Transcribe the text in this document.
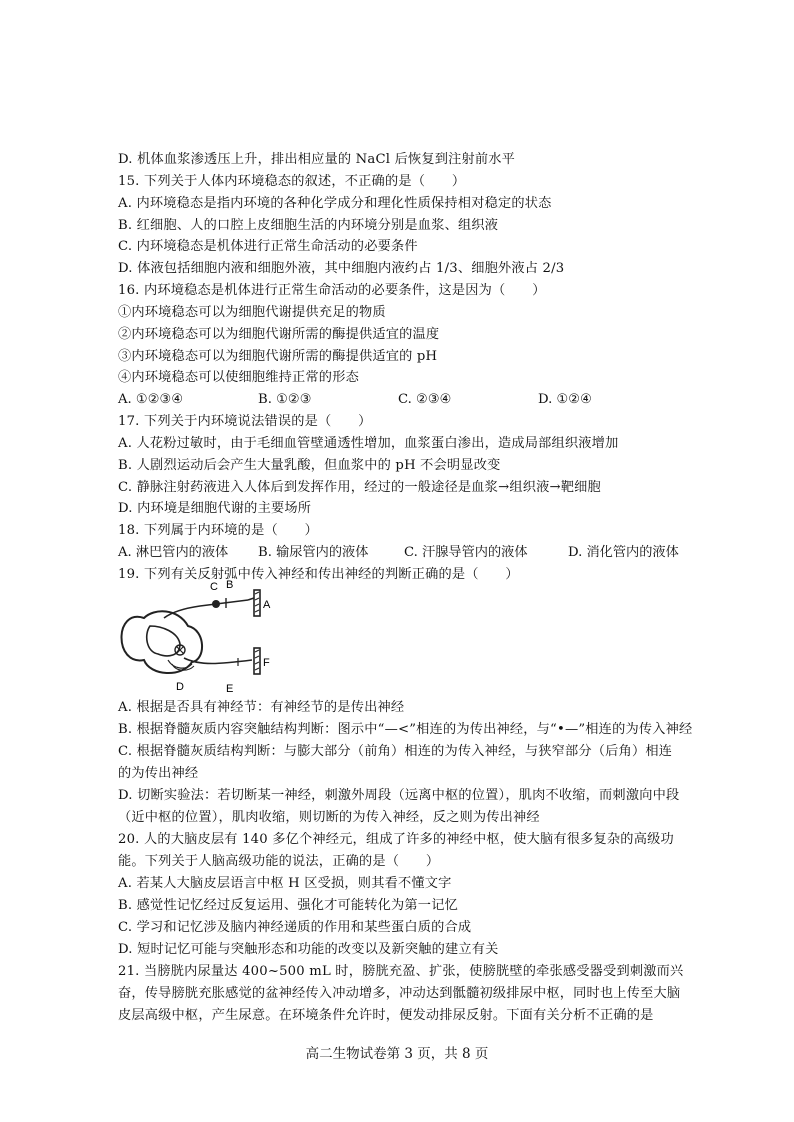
D. 机体血浆渗透压上升，排出相应量的 NaCl 后恢复到注射前水平
15. 下列关于人体内环境稳态的叙述，不正确的是（　　）
A. 内环境稳态是指内环境的各种化学成分和理化性质保持相对稳定的状态
B. 红细胞、人的口腔上皮细胞生活的内环境分别是血浆、组织液
C. 内环境稳态是机体进行正常生命活动的必要条件
D. 体液包括细胞内液和细胞外液，其中细胞内液约占 1/3、细胞外液占 2/3
16. 内环境稳态是机体进行正常生命活动的必要条件，这是因为（　　）
①内环境稳态可以为细胞代谢提供充足的物质
②内环境稳态可以为细胞代谢所需的酶提供适宜的温度
③内环境稳态可以为细胞代谢所需的酶提供适宜的 pH
④内环境稳态可以使细胞维持正常的形态
A. ①②③④	B. ①②③	C. ②③④	D. ①②④
17. 下列关于内环境说法错误的是（　　）
A. 人花粉过敏时，由于毛细血管壁通透性增加，血浆蛋白渗出，造成局部组织液增加
B. 人剧烈运动后会产生大量乳酸，但血浆中的 pH 不会明显改变
C. 静脉注射药液进入人体后到发挥作用，经过的一般途径是血浆→组织液→靶细胞
D. 内环境是细胞代谢的主要场所
18. 下列属于内环境的是（　　）
A. 淋巴管内的液体 B. 输尿管内的液体	C. 汗腺导管内的液体	D. 消化管内的液体
19. 下列有关反射弧中传入神经和传出神经的判断正确的是（　　）
C B
A
D	E
F
A. 根据是否具有神经节：有神经节的是传出神经
B. 根据脊髓灰质内容突触结构判断：图示中“—<”相连的为传出神经，与“•—”相连的为传入神经
C. 根据脊髓灰质结构判断：与膨大部分（前角）相连的为传入神经，与狭窄部分（后角）相连
的为传出神经
D. 切断实验法：若切断某一神经，刺激外周段（远离中枢的位置），肌肉不收缩，而刺激向中段
（近中枢的位置），肌肉收缩，则切断的为传入神经，反之则为传出神经
20. 人的大脑皮层有 140 多亿个神经元，组成了许多的神经中枢，使大脑有很多复杂的高级功
能。下列关于人脑高级功能的说法，正确的是（　　）
A. 若某人大脑皮层语言中枢 H 区受损，则其看不懂文字
B. 感觉性记忆经过反复运用、强化才可能转化为第一记忆
C. 学习和记忆涉及脑内神经递质的作用和某些蛋白质的合成
D. 短时记忆可能与突触形态和功能的改变以及新突触的建立有关
21. 当膀胱内尿量达 400~500 mL 时，膀胱充盈、扩张，使膀胱壁的牵张感受器受到刺激而兴
奋，传导膀胱充胀感觉的盆神经传入冲动增多，冲动达到骶髓初级排尿中枢，同时也上传至大脑
皮层高级中枢，产生尿意。在环境条件允许时，便发动排尿反射。下面有关分析不正确的是
高二生物试卷第 3 页，共 8 页
